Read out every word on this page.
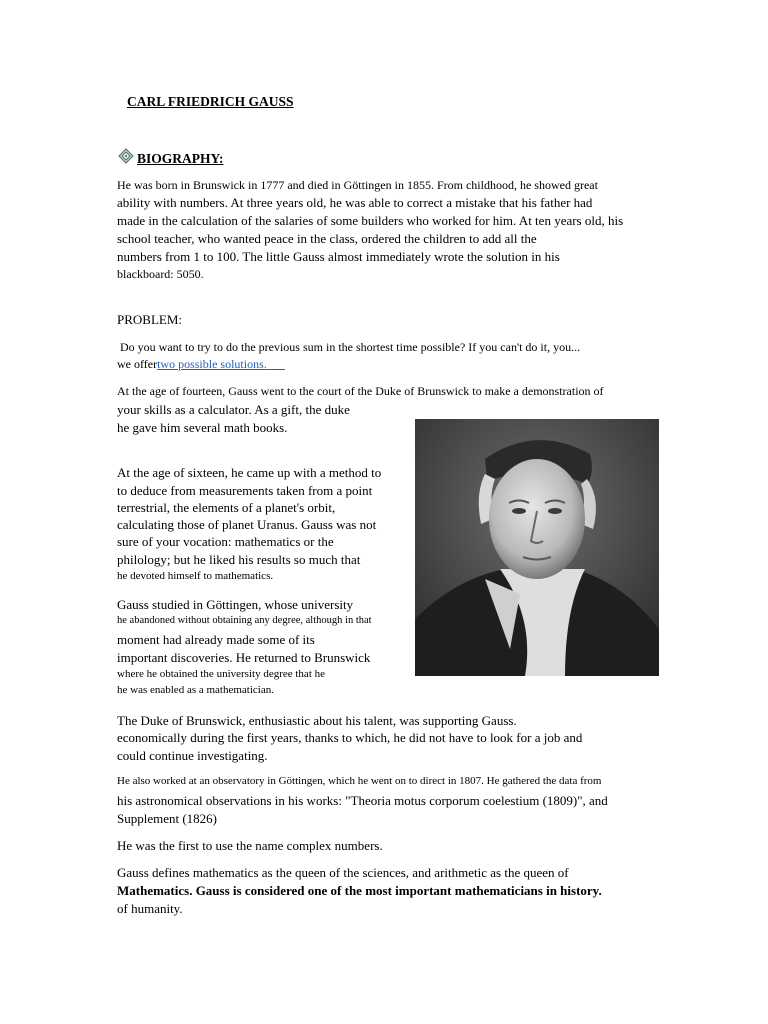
CARL FRIEDRICH GAUSS
BIOGRAPHY:
He was born in Brunswick in 1777 and died in Göttingen in 1855. From childhood, he showed great
ability with numbers. At three years old, he was able to correct a mistake that his father had
made in the calculation of the salaries of some builders who worked for him. At ten years old, his
school teacher, who wanted peace in the class, ordered the children to add all the
numbers from 1 to 100. The little Gauss almost immediately wrote the solution in his
blackboard: 5050.
PROBLEM:
Do you want to try to do the previous sum in the shortest time possible? If you can't do it, you...
we offertwo possible solutions.
At the age of fourteen, Gauss went to the court of the Duke of Brunswick to make a demonstration of
your skills as a calculator. As a gift, the duke
he gave him several math books.
At the age of sixteen, he came up with a method to
to deduce from measurements taken from a point
terrestrial, the elements of a planet's orbit,
calculating those of planet Uranus. Gauss was not
sure of your vocation: mathematics or the
philology; but he liked his results so much that
he devoted himself to mathematics.
Gauss studied in Göttingen, whose university
he abandoned without obtaining any degree, although in that
moment had already made some of its
important discoveries. He returned to Brunswick
where he obtained the university degree that he
he was enabled as a mathematician.
The Duke of Brunswick, enthusiastic about his talent, was supporting Gauss.
economically during the first years, thanks to which, he did not have to look for a job and
could continue investigating.
He also worked at an observatory in Göttingen, which he went on to direct in 1807. He gathered the data from
his astronomical observations in his works: "Theoria motus corporum coelestium (1809)", and
Supplement (1826)
He was the first to use the name complex numbers.
Gauss defines mathematics as the queen of the sciences, and arithmetic as the queen of
Mathematics. Gauss is considered one of the most important mathematicians in history.
of humanity.
